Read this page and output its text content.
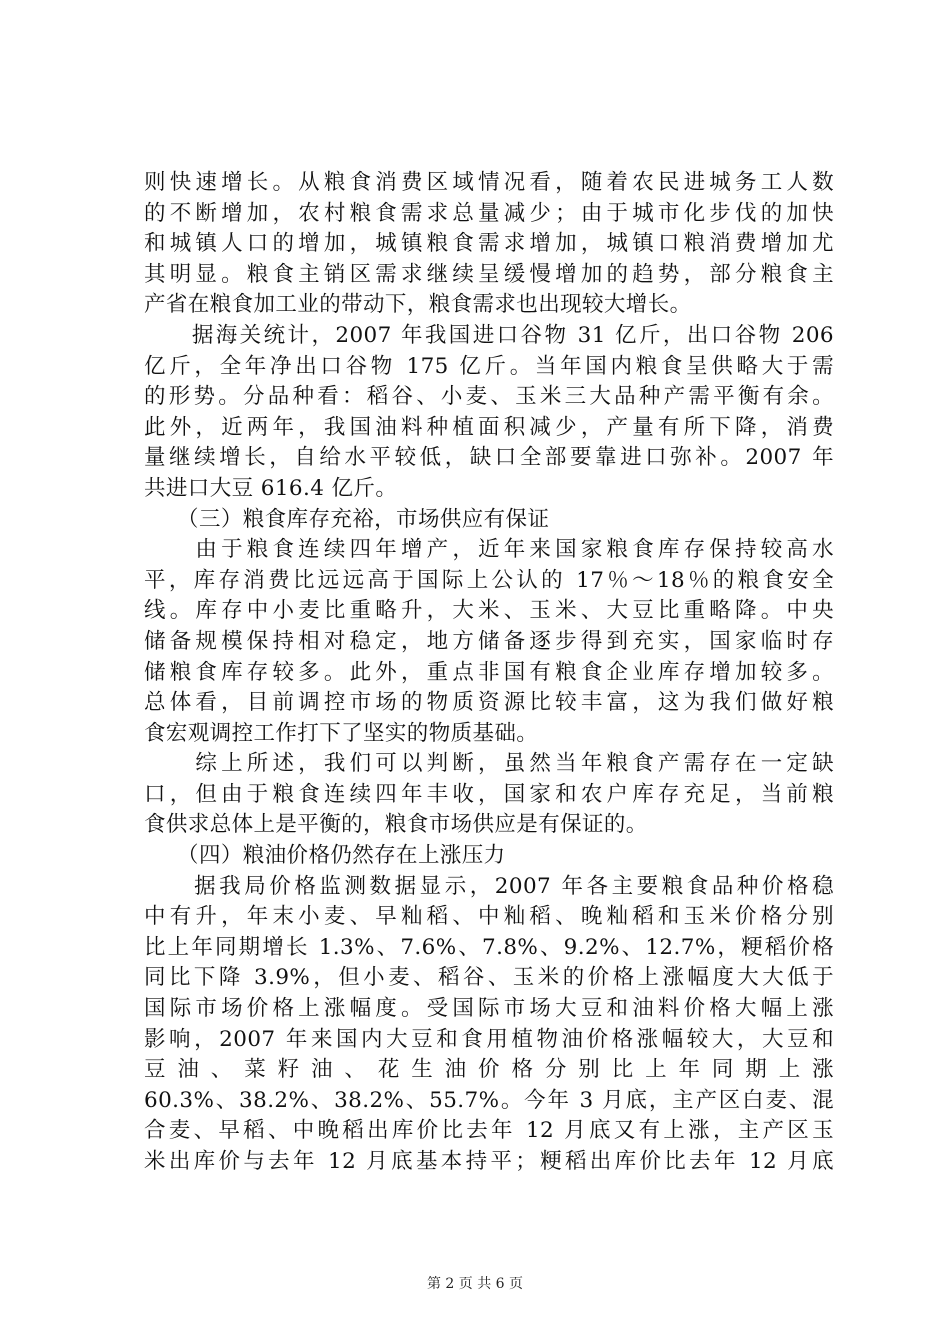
则快速增长。从粮食消费区域情况看，随着农民进城务工人数
的不断增加，农村粮食需求总量减少；由于城市化步伐的加快
和城镇人口的增加，城镇粮食需求增加，城镇口粮消费增加尤
其明显。粮食主销区需求继续呈缓慢增加的趋势，部分粮食主
产省在粮食加工业的带动下，粮食需求也出现较大增长。
　　据海关统计，2007 年我国进口谷物 31 亿斤，出口谷物 206
亿斤，全年净出口谷物 175 亿斤。当年国内粮食呈供略大于需
的形势。分品种看：稻谷、小麦、玉米三大品种产需平衡有余。
此外，近两年，我国油料种植面积减少，产量有所下降，消费
量继续增长，自给水平较低，缺口全部要靠进口弥补。2007 年
共进口大豆 616.4 亿斤。
　　（三）粮食库存充裕，市场供应有保证
　　由于粮食连续四年增产，近年来国家粮食库存保持较高水
平，库存消费比远远高于国际上公认的 17％～18％的粮食安全
线。库存中小麦比重略升，大米、玉米、大豆比重略降。中央
储备规模保持相对稳定，地方储备逐步得到充实，国家临时存
储粮食库存较多。此外，重点非国有粮食企业库存增加较多。
总体看，目前调控市场的物质资源比较丰富，这为我们做好粮
食宏观调控工作打下了坚实的物质基础。
　　综上所述，我们可以判断，虽然当年粮食产需存在一定缺
口，但由于粮食连续四年丰收，国家和农户库存充足，当前粮
食供求总体上是平衡的，粮食市场供应是有保证的。
　　（四）粮油价格仍然存在上涨压力
　　据我局价格监测数据显示，2007 年各主要粮食品种价格稳
中有升，年末小麦、早籼稻、中籼稻、晚籼稻和玉米价格分别
比上年同期增长 1.3%、7.6%、7.8%、9.2%、12.7%，粳稻价格
同比下降 3.9%，但小麦、稻谷、玉米的价格上涨幅度大大低于
国际市场价格上涨幅度。受国际市场大豆和油料价格大幅上涨
影响，2007 年来国内大豆和食用植物油价格涨幅较大，大豆和
豆 油 、 菜 籽 油 、 花 生 油 价 格 分 别 比 上 年 同 期 上 涨
60.3%、38.2%、38.2%、55.7%。今年 3 月底，主产区白麦、混
合麦、早稻、中晚稻出库价比去年 12 月底又有上涨，主产区玉
米出库价与去年 12 月底基本持平；粳稻出库价比去年 12 月底
第 2 页 共 6 页
